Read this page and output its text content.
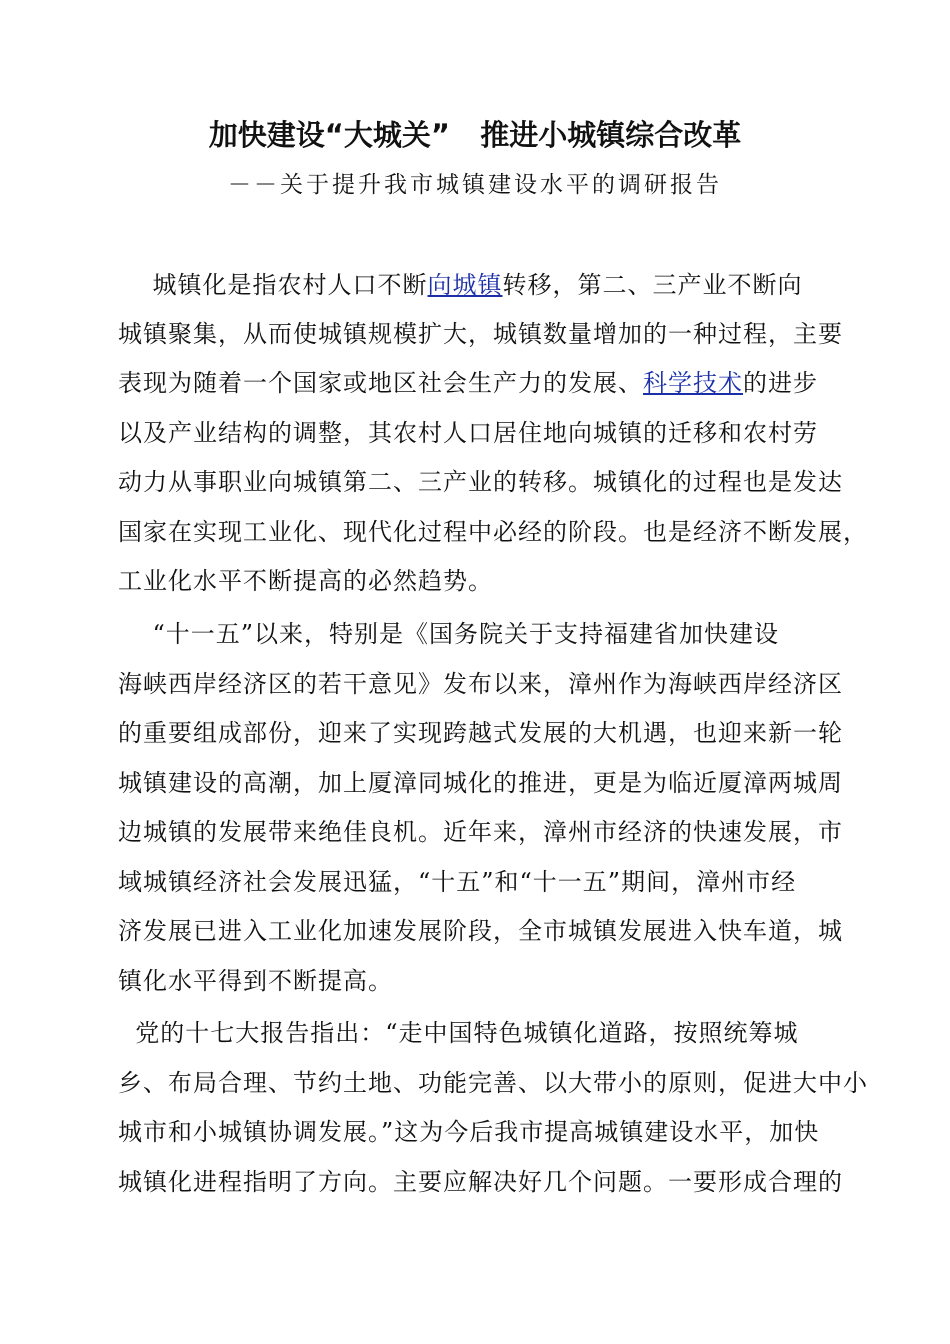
加快建设“大城关”   推进小城镇综合改革
－－关于提升我市城镇建设水平的调研报告
城镇化是指农村人口不断向城镇转移，第二、三产业不断向
城镇聚集，从而使城镇规模扩大，城镇数量增加的一种过程，主要
表现为随着一个国家或地区社会生产力的发展、科学技术的进步
以及产业结构的调整，其农村人口居住地向城镇的迁移和农村劳
动力从事职业向城镇第二、三产业的转移。城镇化的过程也是发达
国家在实现工业化、现代化过程中必经的阶段。也是经济不断发展，
工业化水平不断提高的必然趋势。
“十一五”以来，特别是《国务院关于支持福建省加快建设
海峡西岸经济区的若干意见》发布以来，漳州作为海峡西岸经济区
的重要组成部份，迎来了实现跨越式发展的大机遇，也迎来新一轮
城镇建设的高潮，加上厦漳同城化的推进，更是为临近厦漳两城周
边城镇的发展带来绝佳良机。近年来，漳州市经济的快速发展，市
域城镇经济社会发展迅猛，“十五”和“十一五”期间，漳州市经
济发展已进入工业化加速发展阶段，全市城镇发展进入快车道，城
镇化水平得到不断提高。
党的十七大报告指出：“走中国特色城镇化道路，按照统筹城
乡、布局合理、节约土地、功能完善、以大带小的原则，促进大中小
城市和小城镇协调发展。”这为今后我市提高城镇建设水平，加快
城镇化进程指明了方向。主要应解决好几个问题。一要形成合理的
